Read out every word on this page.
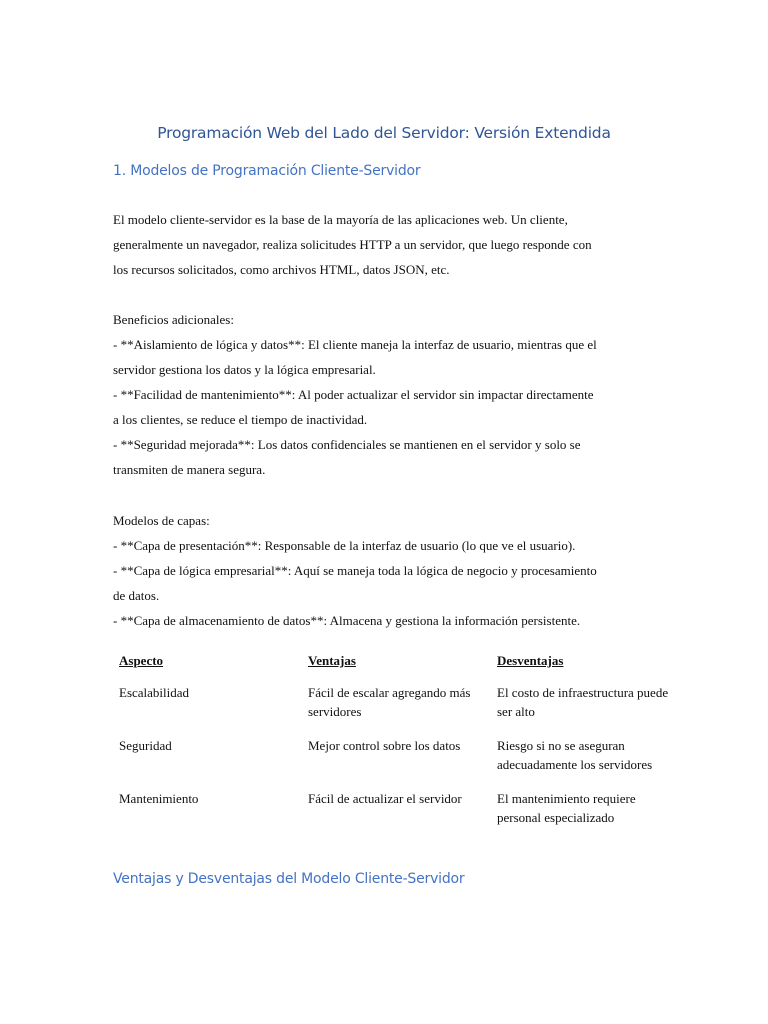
Programación Web del Lado del Servidor: Versión Extendida
1. Modelos de Programación Cliente-Servidor

El modelo cliente-servidor es la base de la mayoría de las aplicaciones web. Un cliente,

generalmente un navegador, realiza solicitudes HTTP a un servidor, que luego responde con

los recursos solicitados, como archivos HTML, datos JSON, etc.

Beneficios adicionales:

- **Aislamiento de lógica y datos**: El cliente maneja la interfaz de usuario, mientras que el

servidor gestiona los datos y la lógica empresarial.

- **Facilidad de mantenimiento**: Al poder actualizar el servidor sin impactar directamente

a los clientes, se reduce el tiempo de inactividad.

- **Seguridad mejorada**: Los datos confidenciales se mantienen en el servidor y solo se

transmiten de manera segura.

Modelos de capas:

- **Capa de presentación**: Responsable de la interfaz de usuario (lo que ve el usuario).

- **Capa de lógica empresarial**: Aquí se maneja toda la lógica de negocio y procesamiento

de datos.

- **Capa de almacenamiento de datos**: Almacena y gestiona la información persistente.

Aspecto	Ventajas	Desventajas
Escalabilidad	Fácil de escalar agregando más servidores	El costo de infraestructura puede ser alto
Seguridad	Mejor control sobre los datos	Riesgo si no se aseguran adecuadamente los servidores
Mantenimiento	Fácil de actualizar el servidor	El mantenimiento requiere personal especializado
Ventajas y Desventajas del Modelo Cliente-Servidor
